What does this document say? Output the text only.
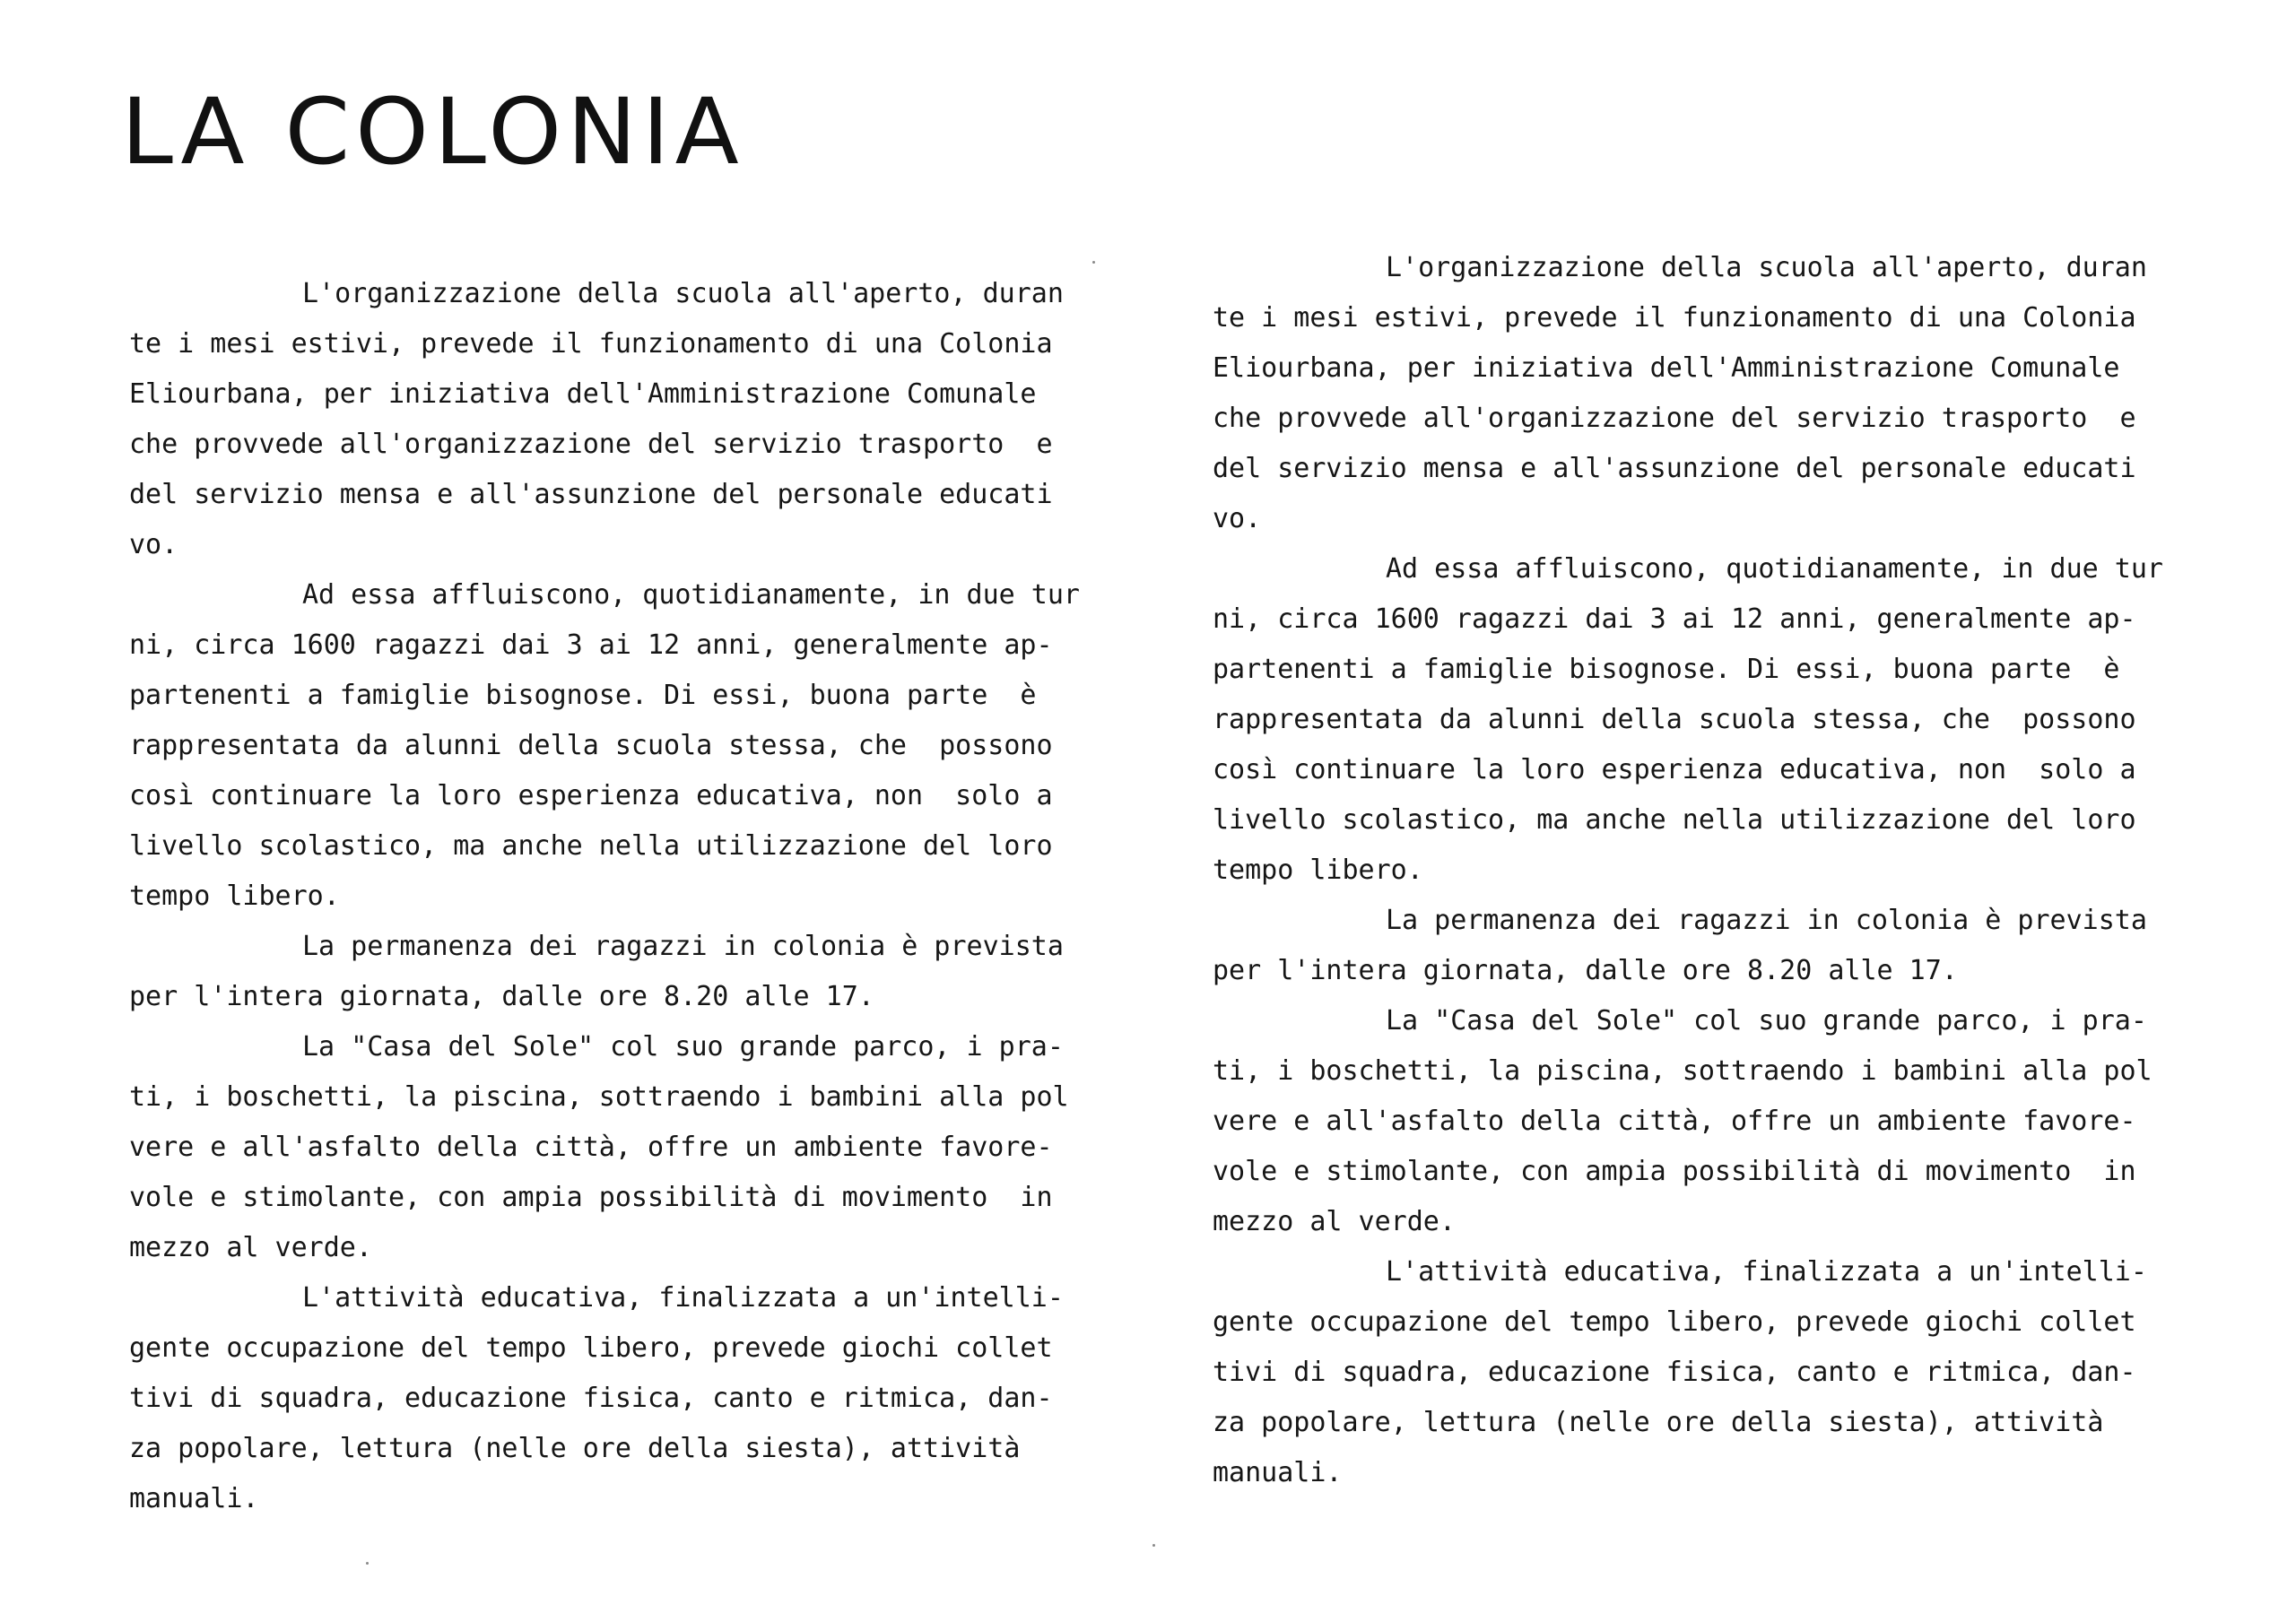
LA COLONIA
L'organizzazione della scuola all'aperto, duran
te i mesi estivi, prevede il funzionamento di una Colonia
Eliourbana, per iniziativa dell'Amministrazione Comunale
che provvede all'organizzazione del servizio trasporto  e
del servizio mensa e all'assunzione del personale educati
vo.
Ad essa affluiscono, quotidianamente, in due tur
ni, circa 1600 ragazzi dai 3 ai 12 anni, generalmente ap-
partenenti a famiglie bisognose. Di essi, buona parte  è
rappresentata da alunni della scuola stessa, che  possono
così continuare la loro esperienza educativa, non  solo a
livello scolastico, ma anche nella utilizzazione del loro
tempo libero.
La permanenza dei ragazzi in colonia è prevista
per l'intera giornata, dalle ore 8.20 alle 17.
La "Casa del Sole" col suo grande parco, i pra-
ti, i boschetti, la piscina, sottraendo i bambini alla pol
vere e all'asfalto della città, offre un ambiente favore-
vole e stimolante, con ampia possibilità di movimento  in
mezzo al verde.
L'attività educativa, finalizzata a un'intelli-
gente occupazione del tempo libero, prevede giochi collet
tivi di squadra, educazione fisica, canto e ritmica, dan-
za popolare, lettura (nelle ore della siesta), attività
manuali.
L'organizzazione della scuola all'aperto, duran
te i mesi estivi, prevede il funzionamento di una Colonia
Eliourbana, per iniziativa dell'Amministrazione Comunale
che provvede all'organizzazione del servizio trasporto  e
del servizio mensa e all'assunzione del personale educati
vo.
Ad essa affluiscono, quotidianamente, in due tur
ni, circa 1600 ragazzi dai 3 ai 12 anni, generalmente ap-
partenenti a famiglie bisognose. Di essi, buona parte  è
rappresentata da alunni della scuola stessa, che  possono
così continuare la loro esperienza educativa, non  solo a
livello scolastico, ma anche nella utilizzazione del loro
tempo libero.
La permanenza dei ragazzi in colonia è prevista
per l'intera giornata, dalle ore 8.20 alle 17.
La "Casa del Sole" col suo grande parco, i pra-
ti, i boschetti, la piscina, sottraendo i bambini alla pol
vere e all'asfalto della città, offre un ambiente favore-
vole e stimolante, con ampia possibilità di movimento  in
mezzo al verde.
L'attività educativa, finalizzata a un'intelli-
gente occupazione del tempo libero, prevede giochi collet
tivi di squadra, educazione fisica, canto e ritmica, dan-
za popolare, lettura (nelle ore della siesta), attività
manuali.
